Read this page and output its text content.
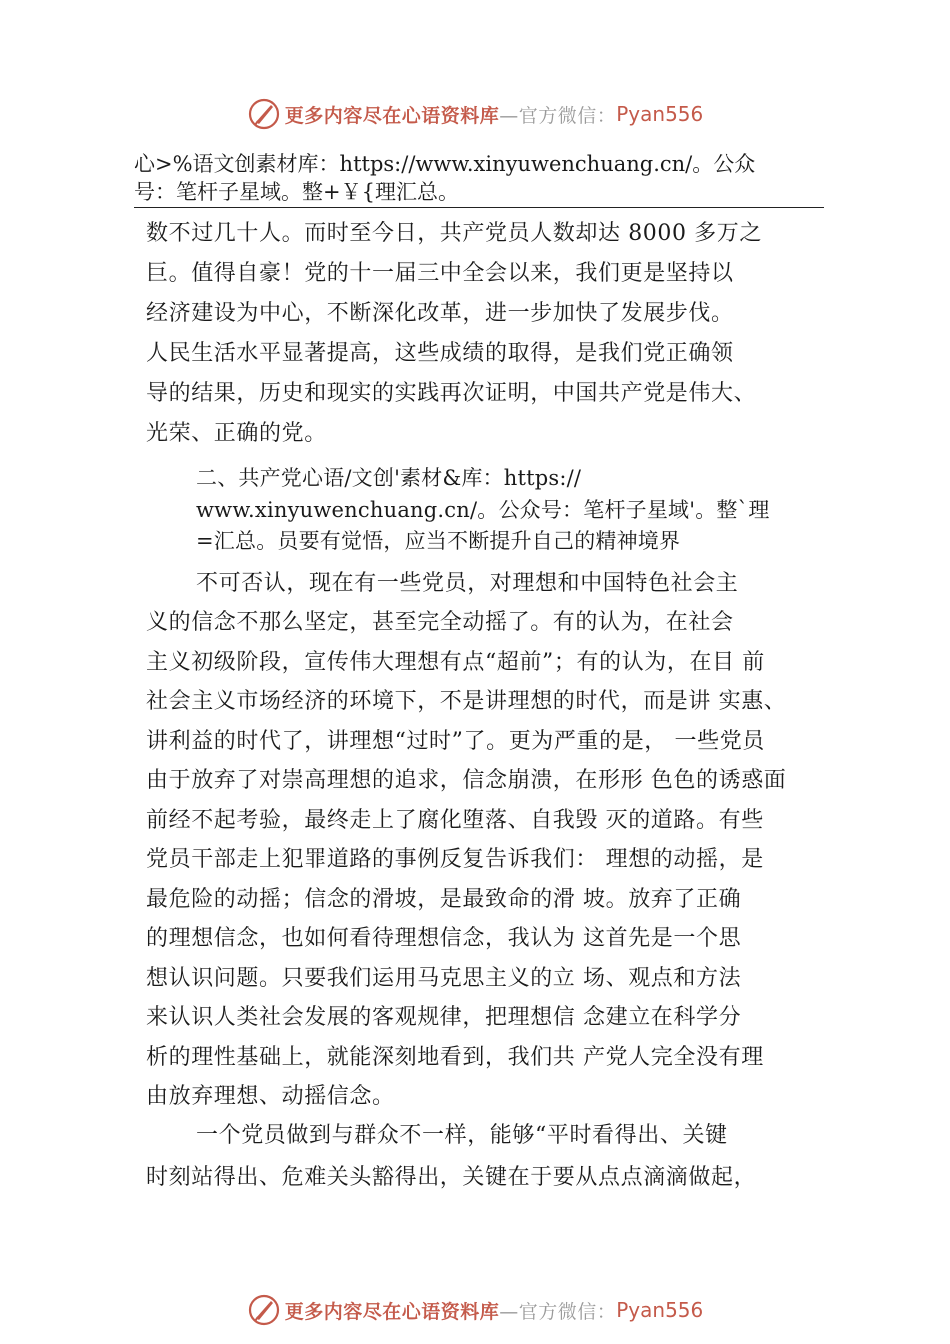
更多内容尽在心语资料库 —官方微信： Pyan556
心>%语文创素材库：https://www.xinyuwenchuang.cn/。公众
号：笔杆子星域。整+￥{理汇总。
数不过几十人。而时至今日，共产党员人数却达 8000 多万之
巨。值得自豪！党的十一届三中全会以来，我们更是坚持以
经济建设为中心，不断深化改革，进一步加快了发展步伐。
人民生活水平显著提高，这些成绩的取得，是我们党正确领
导的结果，历史和现实的实践再次证明，中国共产党是伟大、
光荣、正确的党。
二、共产党心语/文创'素材&库：https://
www.xinyuwenchuang.cn/。公众号：笔杆子星域'。整`理
=汇总。员要有觉悟，应当不断提升自己的精神境界
不可否认，现在有一些党员，对理想和中国特色社会主
义的信念不那么坚定，甚至完全动摇了。有的认为，在社会
主义初级阶段，宣传伟大理想有点“超前”；有的认为，在目 前
社会主义市场经济的环境下，不是讲理想的时代，而是讲 实惠、
讲利益的时代了，讲理想“过时”了。更为严重的是， 一些党员
由于放弃了对崇高理想的追求，信念崩溃，在形形 色色的诱惑面
前经不起考验，最终走上了腐化堕落、自我毁 灭的道路。有些
党员干部走上犯罪道路的事例反复告诉我们： 理想的动摇，是
最危险的动摇；信念的滑坡，是最致命的滑 坡。放弃了正确
的理想信念，也如何看待理想信念，我认为 这首先是一个思
想认识问题。只要我们运用马克思主义的立 场、观点和方法
来认识人类社会发展的客观规律，把理想信 念建立在科学分
析的理性基础上，就能深刻地看到，我们共 产党人完全没有理
由放弃理想、动摇信念。
一个党员做到与群众不一样，能够“平时看得出、关键
时刻站得出、危难关头豁得出，关键在于要从点点滴滴做起，
更多内容尽在心语资料库 —官方微信： Pyan556
